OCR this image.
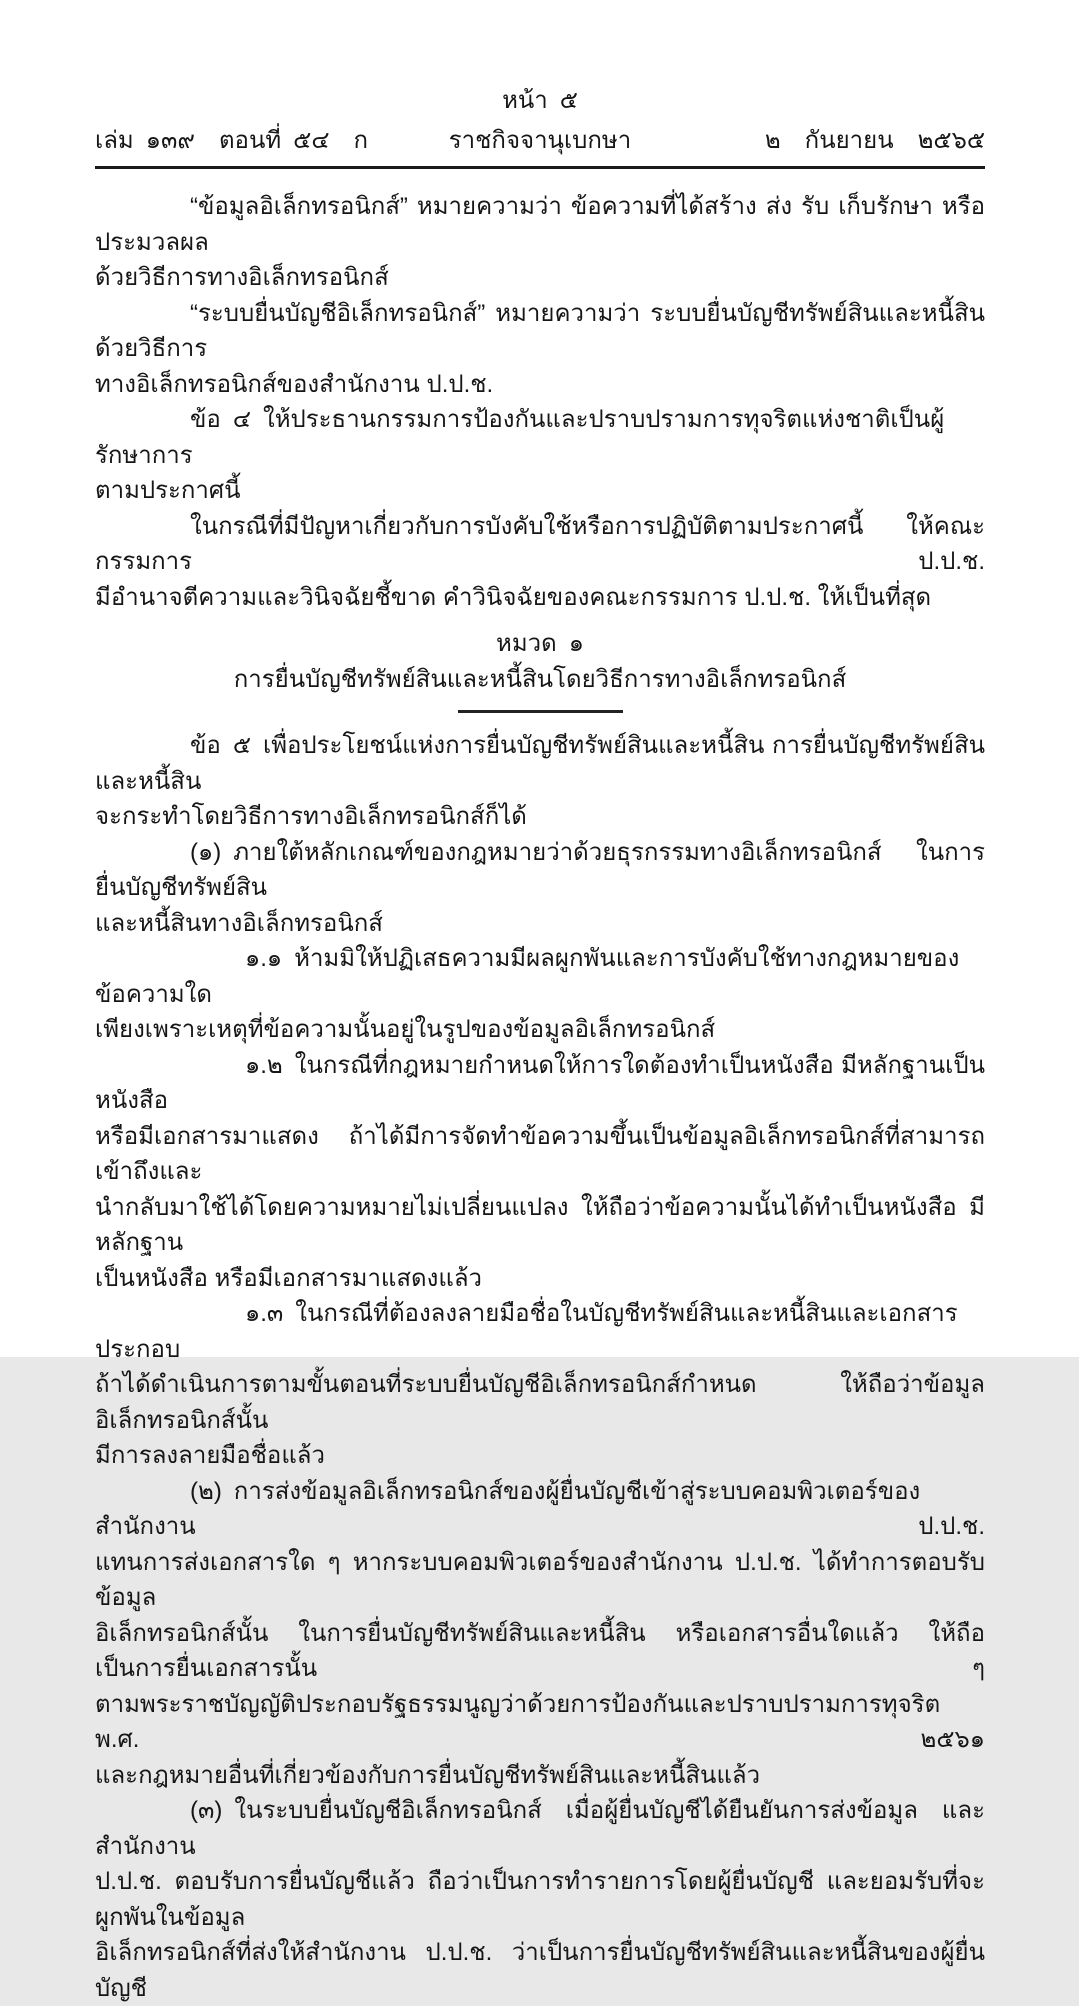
หน้า ๕
เล่ม ๑๓๙  ตอนที่ ๕๔  ก	ราชกิจจานุเบกษา	๒  กันยายน  ๒๕๖๕
“ข้อมูลอิเล็กทรอนิกส์” หมายความว่า ข้อความที่ได้สร้าง ส่ง รับ เก็บรักษา หรือประมวลผล
ด้วยวิธีการทางอิเล็กทรอนิกส์
“ระบบยื่นบัญชีอิเล็กทรอนิกส์” หมายความว่า ระบบยื่นบัญชีทรัพย์สินและหนี้สินด้วยวิธีการ
ทางอิเล็กทรอนิกส์ของสำนักงาน ป.ป.ช.
ข้อ ๔ ให้ประธานกรรมการป้องกันและปราบปรามการทุจริตแห่งชาติเป็นผู้รักษาการ
ตามประกาศนี้
ในกรณีที่มีปัญหาเกี่ยวกับการบังคับใช้หรือการปฏิบัติตามประกาศนี้ ให้คณะกรรมการ ป.ป.ช.
มีอำนาจตีความและวินิจฉัยชี้ขาด คำวินิจฉัยของคณะกรรมการ ป.ป.ช. ให้เป็นที่สุด
หมวด ๑
การยื่นบัญชีทรัพย์สินและหนี้สินโดยวิธีการทางอิเล็กทรอนิกส์
ข้อ ๕ เพื่อประโยชน์แห่งการยื่นบัญชีทรัพย์สินและหนี้สิน การยื่นบัญชีทรัพย์สินและหนี้สิน
จะกระทำโดยวิธีการทางอิเล็กทรอนิกส์ก็ได้
(๑) ภายใต้หลักเกณฑ์ของกฎหมายว่าด้วยธุรกรรมทางอิเล็กทรอนิกส์ ในการยื่นบัญชีทรัพย์สิน
และหนี้สินทางอิเล็กทรอนิกส์
๑.๑ ห้ามมิให้ปฏิเสธความมีผลผูกพันและการบังคับใช้ทางกฎหมายของข้อความใด
เพียงเพราะเหตุที่ข้อความนั้นอยู่ในรูปของข้อมูลอิเล็กทรอนิกส์
๑.๒ ในกรณีที่กฎหมายกำหนดให้การใดต้องทำเป็นหนังสือ มีหลักฐานเป็นหนังสือ
หรือมีเอกสารมาแสดง ถ้าได้มีการจัดทำข้อความขึ้นเป็นข้อมูลอิเล็กทรอนิกส์ที่สามารถเข้าถึงและ
นำกลับมาใช้ได้โดยความหมายไม่เปลี่ยนแปลง ให้ถือว่าข้อความนั้นได้ทำเป็นหนังสือ มีหลักฐาน
เป็นหนังสือ หรือมีเอกสารมาแสดงแล้ว
๑.๓ ในกรณีที่ต้องลงลายมือชื่อในบัญชีทรัพย์สินและหนี้สินและเอกสารประกอบ
ถ้าได้ดำเนินการตามขั้นตอนที่ระบบยื่นบัญชีอิเล็กทรอนิกส์กำหนด ให้ถือว่าข้อมูลอิเล็กทรอนิกส์นั้น
มีการลงลายมือชื่อแล้ว
(๒) การส่งข้อมูลอิเล็กทรอนิกส์ของผู้ยื่นบัญชีเข้าสู่ระบบคอมพิวเตอร์ของสำนักงาน ป.ป.ช.
แทนการส่งเอกสารใด ๆ หากระบบคอมพิวเตอร์ของสำนักงาน ป.ป.ช. ได้ทำการตอบรับข้อมูล
อิเล็กทรอนิกส์นั้น ในการยื่นบัญชีทรัพย์สินและหนี้สิน หรือเอกสารอื่นใดแล้ว ให้ถือเป็นการยื่นเอกสารนั้น ๆ
ตามพระราชบัญญัติประกอบรัฐธรรมนูญว่าด้วยการป้องกันและปราบปรามการทุจริต พ.ศ. ๒๕๖๑
และกฎหมายอื่นที่เกี่ยวข้องกับการยื่นบัญชีทรัพย์สินและหนี้สินแล้ว
(๓) ในระบบยื่นบัญชีอิเล็กทรอนิกส์ เมื่อผู้ยื่นบัญชีได้ยืนยันการส่งข้อมูล และสำนักงาน
ป.ป.ช. ตอบรับการยื่นบัญชีแล้ว ถือว่าเป็นการทำรายการโดยผู้ยื่นบัญชี และยอมรับที่จะผูกพันในข้อมูล
อิเล็กทรอนิกส์ที่ส่งให้สำนักงาน ป.ป.ช. ว่าเป็นการยื่นบัญชีทรัพย์สินและหนี้สินของผู้ยื่นบัญชี
